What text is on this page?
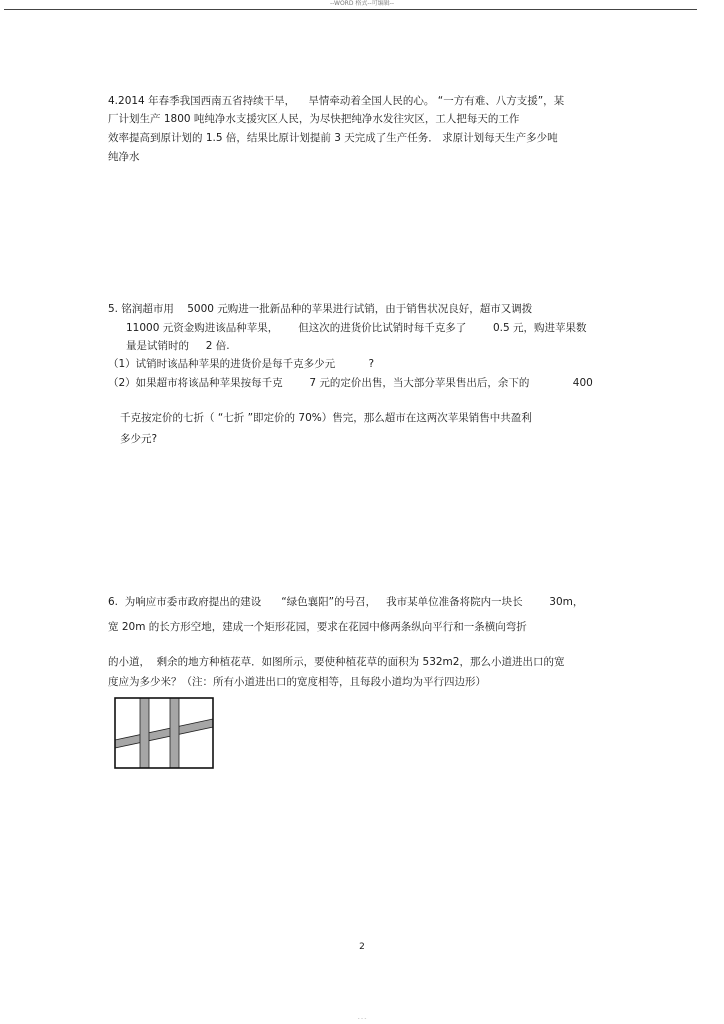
--WORD 格式--可编辑--
4.2014 年春季我国西南五省持续干旱，    旱情牵动着全国人民的心。 “一方有难、八方支援”，某
厂计划生产 1800 吨纯净水支援灾区人民，为尽快把纯净水发往灾区，工人把每天的工作
效率提高到原计划的 1.5 倍，结果比原计划提前 3 天完成了生产任务． 求原计划每天生产多少吨
纯净水
5. 铭润超市用    5000 元购进一批新品种的苹果进行试销，由于销售状况良好，超市又调拨
11000 元资金购进该品种苹果，      但这次的进货价比试销时每千克多了        0.5 元，购进苹果数
量是试销时的     2 倍.
（1）试销时该品种苹果的进货价是每千克多少元          ?
（2）如果超市将该品种苹果按每千克        7 元的定价出售，当大部分苹果售出后，余下的             400
千克按定价的七折（ “七折 ”即定价的 70%）售完，那么超市在这两次苹果销售中共盈利
多少元?
6.  为响应市委市政府提出的建设      “绿色襄阳”的号召，   我市某单位准备将院内一块长        30m，
宽 20m 的长方形空地，建成一个矩形花园，要求在花园中修两条纵向平行和一条横向弯折
的小道，  剩余的地方种植花草．如图所示，要使种植花草的面积为 532m2，那么小道进出口的宽
度应为多少米？（注：所有小道进出口的宽度相等，且每段小道均为平行四边形）
2
- - -
